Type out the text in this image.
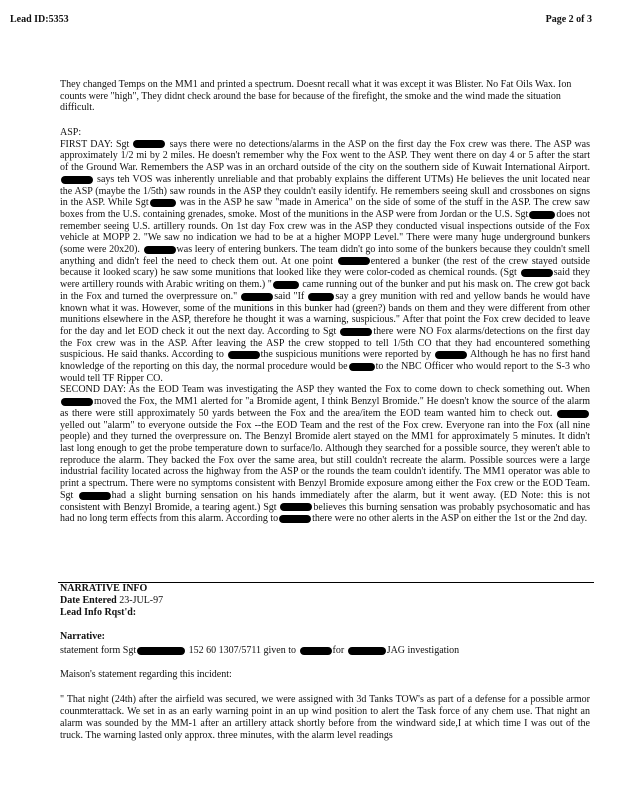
Lead ID:5353	Page 2 of 3
They changed Temps on the MM1 and printed a spectrum. Doesnt recall what it was except it was Blister. No Fat Oils Wax. Ion counts were "high", They didnt check around the base for because of the firefight, the smoke and the wind made the situation difficult.

ASP:

FIRST DAY: Sgt	says there were no detections/alarms in the ASP on the first day the Fox crew was there. The ASP was approximately 1/2 mi by 2 miles. He doesn't remember why the Fox went to the ASP. They went there on day 4 or 5 after the start of the Ground War. Remembers the ASP was in an orchard outside of the city on the southern side of Kuwait International Airport.  says teh VOS was inherently unreliable and that probably explains the different UTMs) He believes the unit located near the ASP (maybe the 1/5th) saw rounds in the ASP they couldn't easily identify. He remembers seeing skull and crossbones on signs in the ASP. While Sgt	was in the ASP he saw "made in America" on the side of some of the stuff in the ASP. The crew saw boxes from the U.S. containing grenades, smoke. Most of the munitions in the ASP were from Jordan or the U.S. Sgt	does not remember seeing U.S. artillery rounds. On 1st day Fox crew was in the ASP they conducted visual inspections outside of the Fox vehicle at MOPP 2. "We saw no indication we had to be at a higher MOPP Level." There were many huge underground bunkers (some were 20x20).	was leery of entering bunkers. The team didn't go into some of the bunkers because they couldn't smell anything and didn't feel the need to check them out. At one point	entered a bunker (the rest of the crew stayed outside because it looked scary) he saw some munitions that looked like they were color-coded as chemical rounds. (Sgt	said they were artillery rounds with Arabic writing on them.) "	came running out of the bunker and put his mask on. The crew got back in the Fox and turned the overpressure on."	said "If	say a grey munition with red and yellow bands he would have known what it was. However, some of the munitions in this bunker had (green?) bands on them and they were different from other munitions elsewhere in the ASP, therefore he thought it was a warning, suspicious." After that point the Fox crew decided to leave for the day and let EOD check it out the next day. According to Sgt	there were NO Fox alarms/detections on the first day the Fox crew was in the ASP. After leaving the ASP the crew stopped to tell 1/5th CO that they had encountered something suspicious. He said thanks. According to	the suspicious munitions were reported by	Although he has no first hand knowledge of the reporting on this day, the normal procedure would be	to the NBC Officer who would report to the S-3 who would tell TF Ripper CO.

SECOND DAY: As the EOD Team was investigating the ASP they wanted the Fox to come down to check something out. When moved the Fox, the MM1 alerted for "a Bromide agent, I think Benzyl Bromide." He doesn't know the source of the alarm as there were still approximately 50 yards between the Fox and the area/item the EOD team wanted him to check out. yelled out "alarm" to everyone outside the Fox --the EOD Team and the rest of the Fox crew. Everyone ran into the Fox (all nine people) and they turned the overpressure on. The Benzyl Bromide alert stayed on the MM1 for approximately 5 minutes. It didn't last long enough to get the probe temperature down to surface/lo. Although they searched for a possible source, they weren't able to reproduce the alarm. They backed the Fox over the same area, but still couldn't recreate the alarm. Possible sources were a large industrial facility located across the highway from the ASP or the rounds the team couldn't identify. The MM1 operator was able to print a spectrum. There were no symptoms consistent with Benzyl Bromide exposure among either the Fox crew or the EOD Team. Sgt	had a slight burning sensation on his hands immediately after the alarm, but it went away. (ED Note: this is not consistent with Benzyl Bromide, a tearing agent.) Sgt	believes this burning sensation was probably psychosomatic and has had no long term effects from this alarm. According to	there were no other alerts in the ASP on either the 1st or the 2nd day.

NARRATIVE INFO
Date Entered 23-JUL-97
Lead Info Rqst'd:
Narrative:
statement form Sgt	152 60 1307/5711 given to	for	JAG investigation
Maison's statement regarding this incident:
" That night (24th) after the airfield was secured, we were assigned with 3d Tanks TOW's as part of a defense for a possible armor counmterattack. We set in as an early warning point in an up wind position to alert the Task force of any chem use. That night an alarm was sounded by the MM-1 after an artillery attack shortly before from the windward side,I at which time I was out of the truck. The warning lasted only approx. three minutes, with the alarm level readings
